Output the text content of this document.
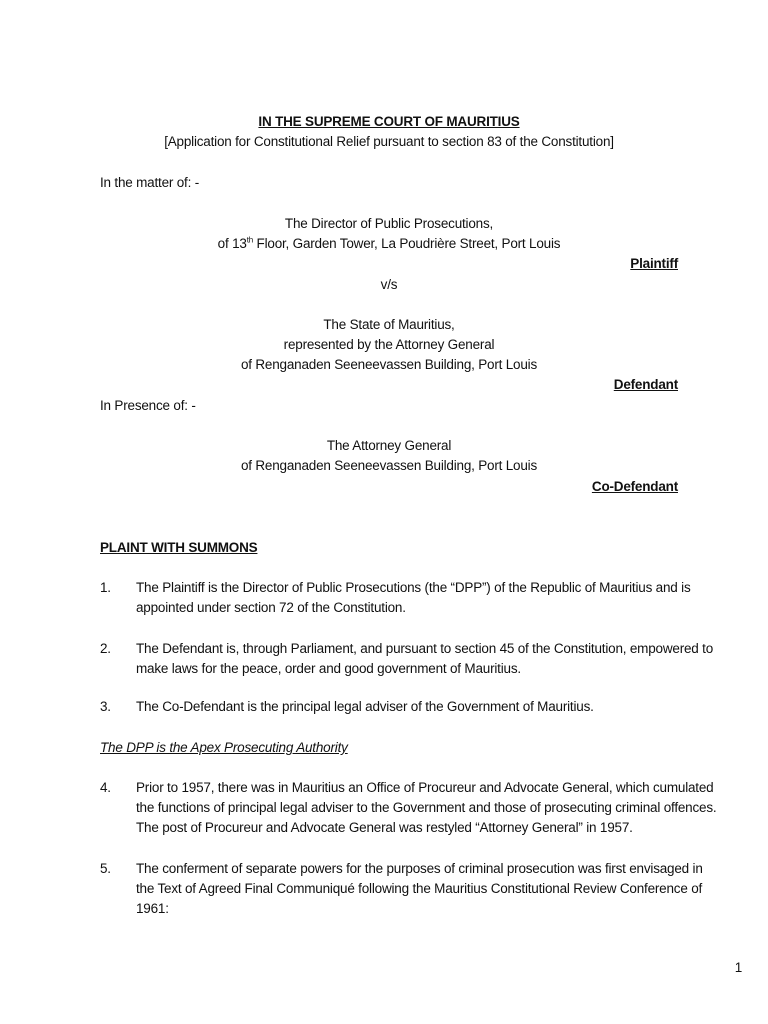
IN THE SUPREME COURT OF MAURITIUS
[Application for Constitutional Relief pursuant to section 83 of the Constitution]
In the matter of: -
The Director of Public Prosecutions,
of 13th Floor, Garden Tower, La Poudrière Street, Port Louis
Plaintiff
v/s
The State of Mauritius,
represented by the Attorney General
of Renganaden Seeneevassen Building, Port Louis
Defendant
In Presence of: -
The Attorney General
of Renganaden Seeneevassen Building, Port Louis
Co-Defendant
PLAINT WITH SUMMONS
1.	The Plaintiff is the Director of Public Prosecutions (the “DPP”) of the Republic of Mauritius and is
appointed under section 72 of the Constitution.
2.	The Defendant is, through Parliament, and pursuant to section 45 of the Constitution, empowered to
make laws for the peace, order and good government of Mauritius.
3.	The Co-Defendant is the principal legal adviser of the Government of Mauritius.
The DPP is the Apex Prosecuting Authority
4.	Prior to 1957, there was in Mauritius an Office of Procureur and Advocate General, which cumulated
the functions of principal legal adviser to the Government and those of prosecuting criminal offences.
The post of Procureur and Advocate General was restyled “Attorney General” in 1957.
5.	The conferment of separate powers for the purposes of criminal prosecution was first envisaged in
the Text of Agreed Final Communiqué following the Mauritius Constitutional Review Conference of
1961:
1
